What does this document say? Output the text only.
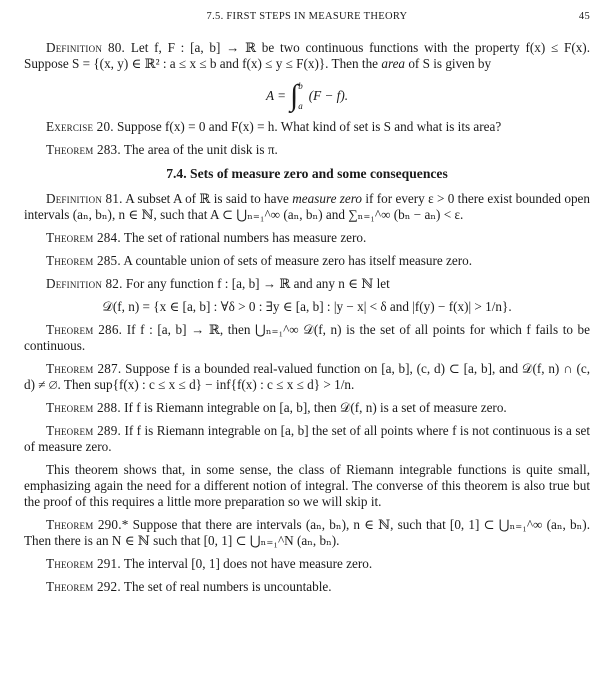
7.5. FIRST STEPS IN MEASURE THEORY	45

Definition 80. Let f, F : [a, b] → ℝ be two continuous functions with the property f(x) ≤ F(x). Suppose S = {(x, y) ∈ ℝ² : a ≤ x ≤ b and f(x) ≤ y ≤ F(x)}. Then the area of S is given by

A = ∫ b
a
(F − f).

Exercise 20. Suppose f(x) = 0 and F(x) = h. What kind of set is S and what is its area?

Theorem 283. The area of the unit disk is π.

7.4. Sets of measure zero and some consequences

Definition 81. A subset A of ℝ is said to have measure zero if for every ε > 0 there exist bounded open intervals (aₙ, bₙ), n ∈ ℕ, such that A ⊂ ⋃ₙ₌₁^∞ (aₙ, bₙ) and ∑ₙ₌₁^∞ (bₙ − aₙ) < ε.

Theorem 284. The set of rational numbers has measure zero.

Theorem 285. A countable union of sets of measure zero has itself measure zero.

Definition 82. For any function f : [a, b] → ℝ and any n ∈ ℕ let

𝒟(f, n) = {x ∈ [a, b] : ∀δ > 0 : ∃y ∈ [a, b] : |y − x| < δ and |f(y) − f(x)| > 1/n}.

Theorem 286. If f : [a, b] → ℝ, then ⋃ₙ₌₁^∞ 𝒟(f, n) is the set of all points for which f fails to be continuous.

Theorem 287. Suppose f is a bounded real-valued function on [a, b], (c, d) ⊂ [a, b], and 𝒟(f, n) ∩ (c, d) ≠ ∅. Then sup{f(x) : c ≤ x ≤ d} − inf{f(x) : c ≤ x ≤ d} > 1/n.

Theorem 288. If f is Riemann integrable on [a, b], then 𝒟(f, n) is a set of measure zero.

Theorem 289. If f is Riemann integrable on [a, b] the set of all points where f is not continuous is a set of measure zero.

This theorem shows that, in some sense, the class of Riemann integrable functions is quite small, emphasizing again the need for a different notion of integral. The converse of this theorem is also true but the proof of this requires a little more preparation so we will skip it.

Theorem 290.* Suppose that there are intervals (aₙ, bₙ), n ∈ ℕ, such that [0, 1] ⊂ ⋃ₙ₌₁^∞ (aₙ, bₙ). Then there is an N ∈ ℕ such that [0, 1] ⊂ ⋃ₙ₌₁^N (aₙ, bₙ).

Theorem 291. The interval [0, 1] does not have measure zero.

Theorem 292. The set of real numbers is uncountable.
